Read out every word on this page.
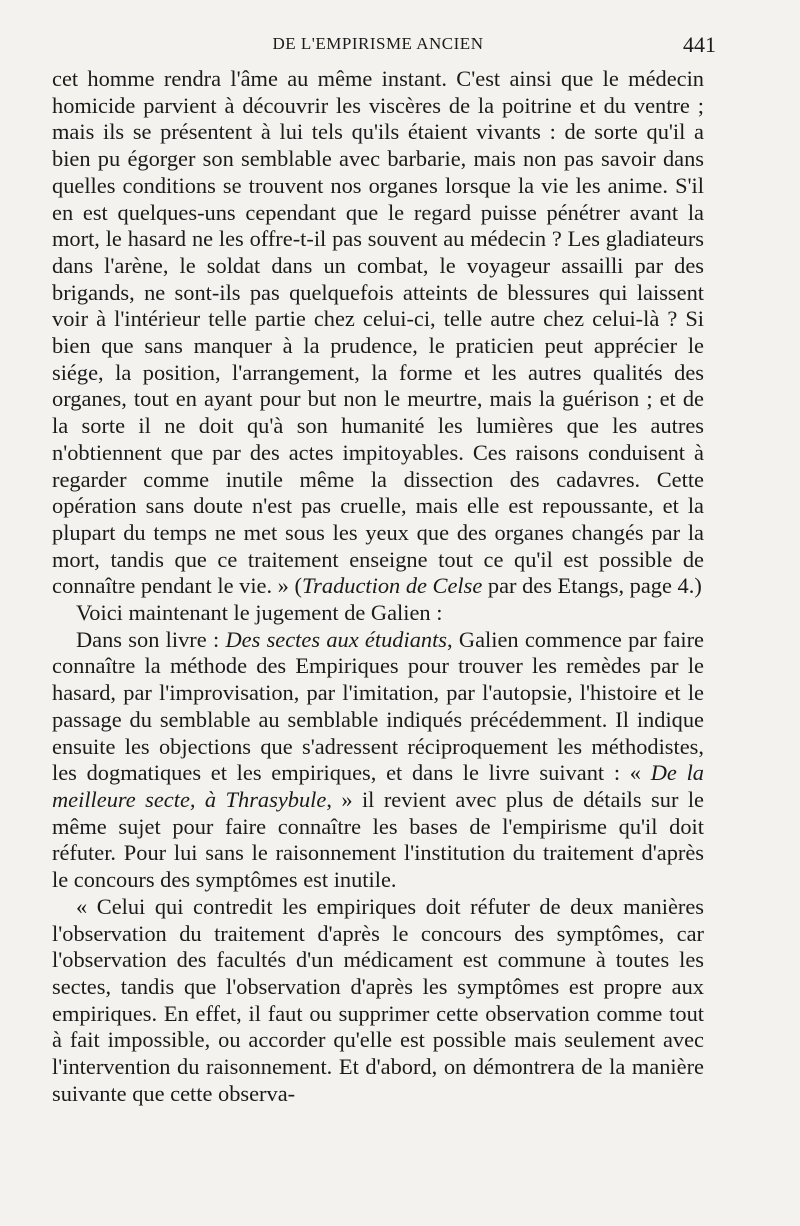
DE L'EMPIRISME ANCIEN	441

cet homme rendra l'âme au même instant. C'est ainsi que le médecin homicide parvient à découvrir les viscères de la poitrine et du ventre ; mais ils se présentent à lui tels qu'ils étaient vivants : de sorte qu'il a bien pu égorger son semblable avec barbarie, mais non pas savoir dans quelles conditions se trouvent nos organes lorsque la vie les anime. S'il en est quelques-uns cependant que le regard puisse pénétrer avant la mort, le hasard ne les offre-t-il pas souvent au médecin ? Les gladiateurs dans l'arène, le soldat dans un combat, le voyageur assailli par des brigands, ne sont-ils pas quelquefois atteints de blessures qui laissent voir à l'intérieur telle partie chez celui-ci, telle autre chez celui-là ? Si bien que sans manquer à la prudence, le praticien peut apprécier le siége, la position, l'arrangement, la forme et les autres qualités des organes, tout en ayant pour but non le meurtre, mais la guérison ; et de la sorte il ne doit qu'à son humanité les lumières que les autres n'obtiennent que par des actes impitoyables. Ces raisons conduisent à regarder comme inutile même la dissection des cadavres. Cette opération sans doute n'est pas cruelle, mais elle est repoussante, et la plupart du temps ne met sous les yeux que des organes changés par la mort, tandis que ce traitement enseigne tout ce qu'il est possible de connaître pendant le vie. » (Traduction de Celse par des Etangs, page 4.)

Voici maintenant le jugement de Galien :

Dans son livre : Des sectes aux étudiants, Galien commence par faire connaître la méthode des Empiriques pour trouver les remèdes par le hasard, par l'improvisation, par l'imitation, par l'autopsie, l'histoire et le passage du semblable au semblable indiqués précédemment. Il indique ensuite les objections que s'adressent réciproquement les méthodistes, les dogmatiques et les empiriques, et dans le livre suivant : « De la meilleure secte, à Thrasybule, » il revient avec plus de détails sur le même sujet pour faire connaître les bases de l'empirisme qu'il doit réfuter. Pour lui sans le raisonnement l'institution du traitement d'après le concours des symptômes est inutile.

« Celui qui contredit les empiriques doit réfuter de deux manières l'observation du traitement d'après le concours des symptômes, car l'observation des facultés d'un médicament est commune à toutes les sectes, tandis que l'observation d'après les symptômes est propre aux empiriques. En effet, il faut ou supprimer cette observation comme tout à fait impossible, ou accorder qu'elle est possible mais seulement avec l'intervention du raisonnement. Et d'abord, on démontrera de la manière suivante que cette observa-
